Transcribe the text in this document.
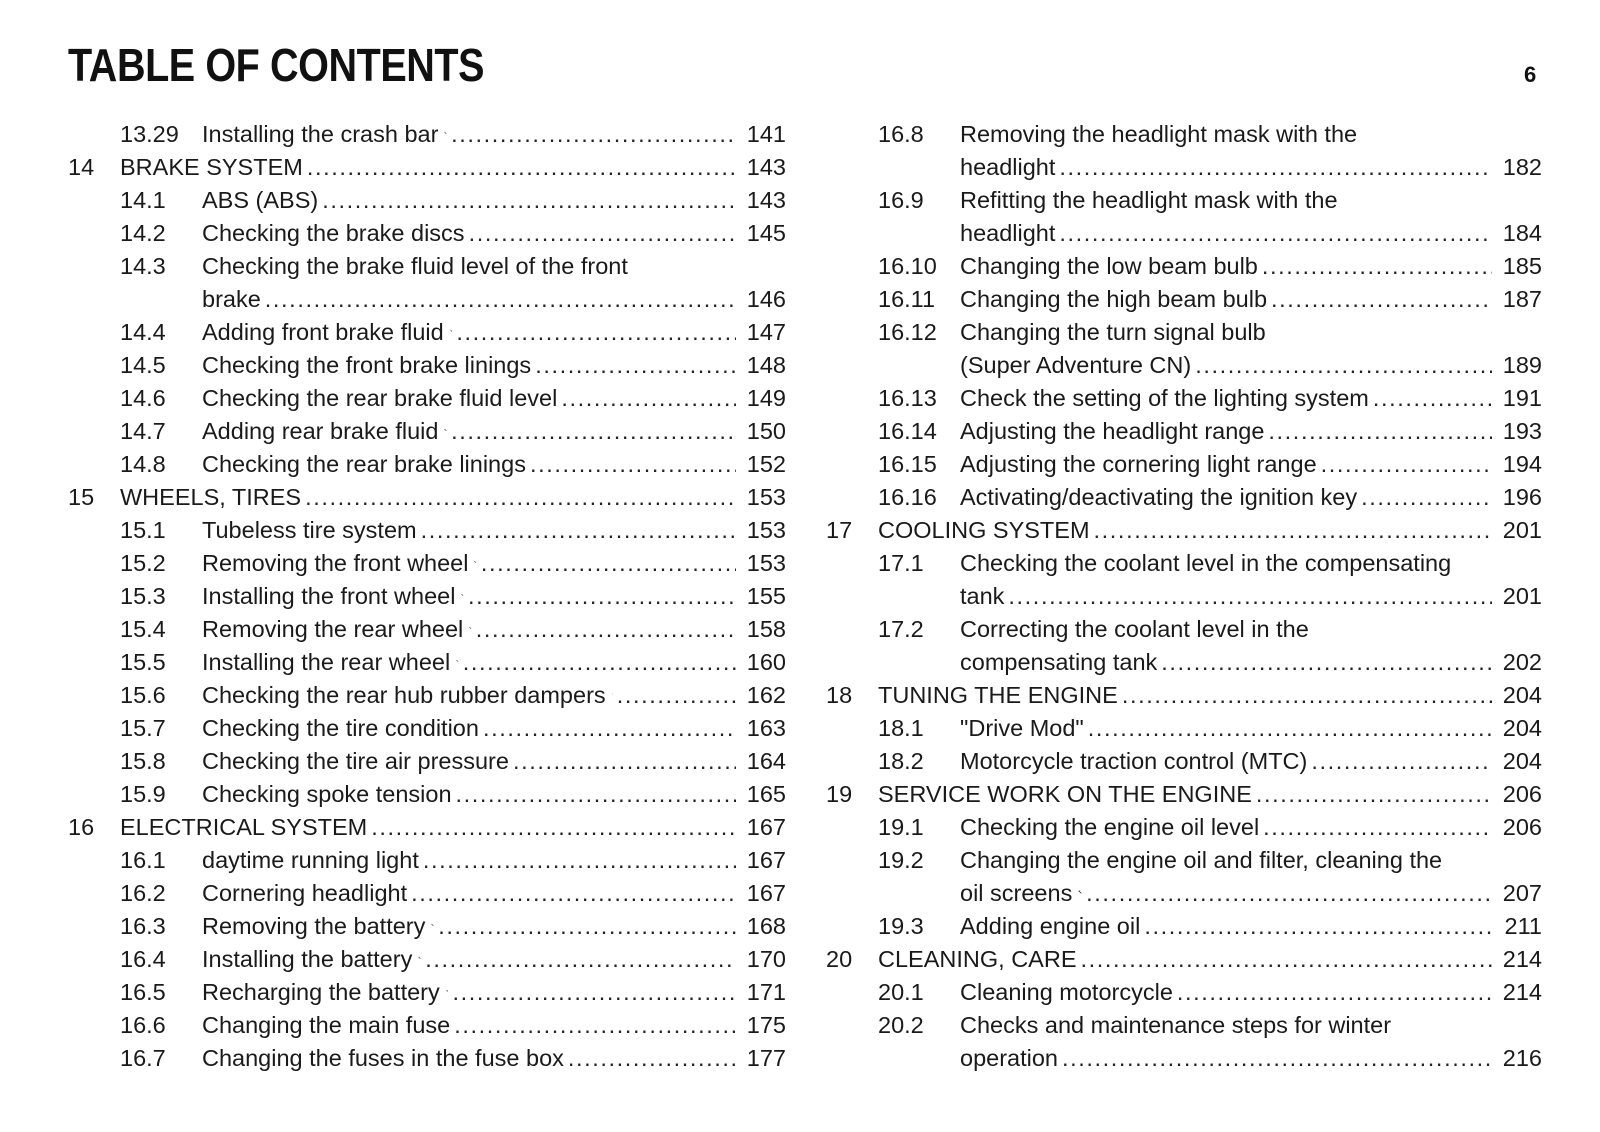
TABLE OF CONTENTS	6
13.29 Installing the crash bar .....	141
14	BRAKE SYSTEM .....	143
14.1	ABS (ABS) .....	143
14.2	Checking the brake discs .....	145
14.3	Checking the brake fluid level of the front
brake .....	146
14.4	Adding front brake fluid .....	147
14.5	Checking the front brake linings .....	148
14.6	Checking the rear brake fluid level .....	149
14.7	Adding rear brake fluid .....	150
14.8	Checking the rear brake linings .....	152
15	WHEELS, TIRES .....	153
15.1	Tubeless tire system .....	153
15.2	Removing the front wheel .....	153
15.3	Installing the front wheel .....	155
15.4	Removing the rear wheel .....	158
15.5	Installing the rear wheel .....	160
15.6	Checking the rear hub rubber dampers .....	162
15.7	Checking the tire condition .....	163
15.8	Checking the tire air pressure .....	164
15.9	Checking spoke tension .....	165
16	ELECTRICAL SYSTEM .....	167
16.1	daytime running light .....	167
16.2	Cornering headlight .....	167
16.3	Removing the battery .....	168
16.4	Installing the battery .....	170
16.5	Recharging the battery .....	171
16.6	Changing the main fuse .....	175
16.7	Changing the fuses in the fuse box .....	177
16.8	Removing the headlight mask with the
headlight .....	182
16.9	Refitting the headlight mask with the
headlight .....	184
16.10 Changing the low beam bulb .....	185
16.11	Changing the high beam bulb .....	187
16.12 Changing the turn signal bulb
(Super Adventure CN) .....	189
16.13 Check the setting of the lighting system .....	191
16.14 Adjusting the headlight range .....	193
16.15 Adjusting the cornering light range .....	194
16.16 Activating/deactivating the ignition key .....	196
17	COOLING SYSTEM .....	201
17.1	Checking the coolant level in the compensating
tank .....	201
17.2	Correcting the coolant level in the
compensating tank .....	202
18	TUNING THE ENGINE .....	204
18.1	"Drive Mod" .....	204
18.2	Motorcycle traction control (MTC) .....	204
19	SERVICE WORK ON THE ENGINE .....	206
19.1	Checking the engine oil level .....	206
19.2	Changing the engine oil and filter, cleaning the
oil screens .....	207
19.3	Adding engine oil .....	211
20	CLEANING, CARE .....	214
20.1	Cleaning motorcycle .....	214
20.2	Checks and maintenance steps for winter
operation .....	216
